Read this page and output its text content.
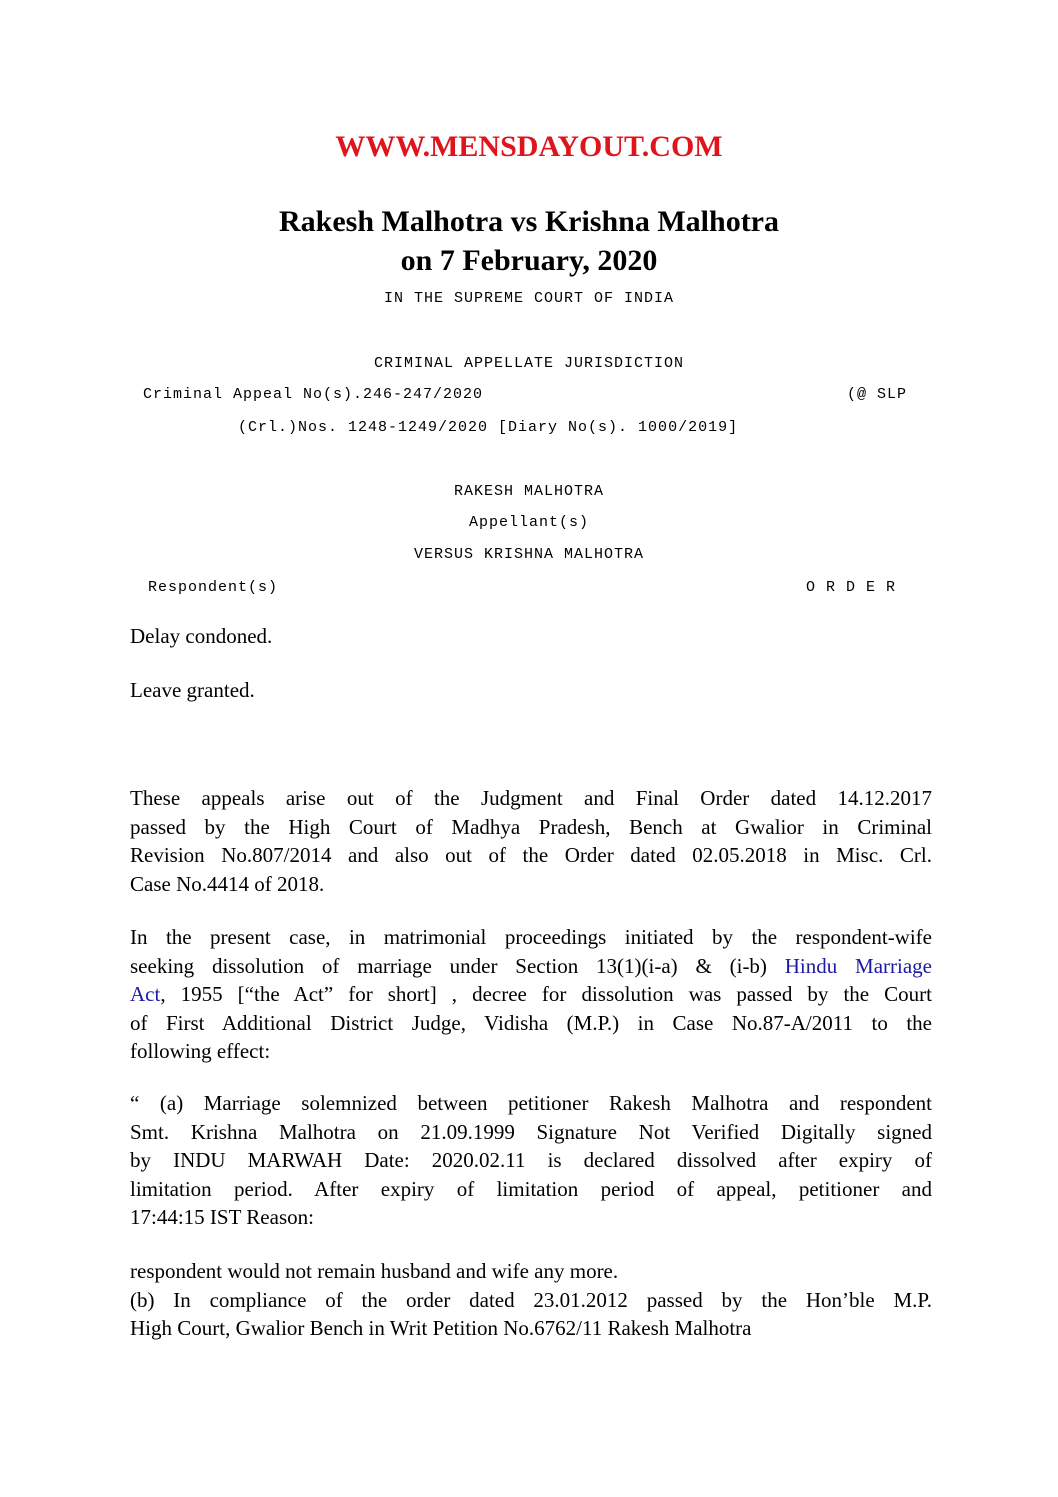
WWW.MENSDAYOUT.COM
Rakesh Malhotra vs Krishna Malhotra
on 7 February, 2020
IN THE SUPREME COURT OF INDIA
CRIMINAL APPELLATE JURISDICTION
Criminal Appeal No(s).246-247/2020	(@ SLP
(Crl.)Nos. 1248-1249/2020 [Diary No(s). 1000/2019]
RAKESH MALHOTRA
Appellant(s)
VERSUS KRISHNA MALHOTRA
Respondent(s)	O R D E R
Delay condoned.
Leave granted.
These appeals arise out of the Judgment and Final Order dated 14.12.2017
passed by the High Court of Madhya Pradesh, Bench at Gwalior in Criminal
Revision No.807/2014 and also out of the Order dated 02.05.2018 in Misc. Crl.
Case No.4414 of 2018.
In the present case, in matrimonial proceedings initiated by the respondent-wife
seeking dissolution of marriage under Section 13(1)(i-a) & (i-b) Hindu Marriage
Act, 1955 [“the Act” for short] , decree for dissolution was passed by the Court
of First Additional District Judge, Vidisha (M.P.) in Case No.87-A/2011 to the
following effect:
“ (a) Marriage solemnized between petitioner Rakesh Malhotra and respondent
Smt. Krishna Malhotra on 21.09.1999 Signature Not Verified Digitally signed
by INDU MARWAH Date: 2020.02.11 is declared dissolved after expiry of
limitation period. After expiry of limitation period of appeal, petitioner and
17:44:15 IST Reason:
respondent would not remain husband and wife any more.
(b) In compliance of the order dated 23.01.2012 passed by the Hon’ble M.P.
High Court, Gwalior Bench in Writ Petition No.6762/11 Rakesh Malhotra
